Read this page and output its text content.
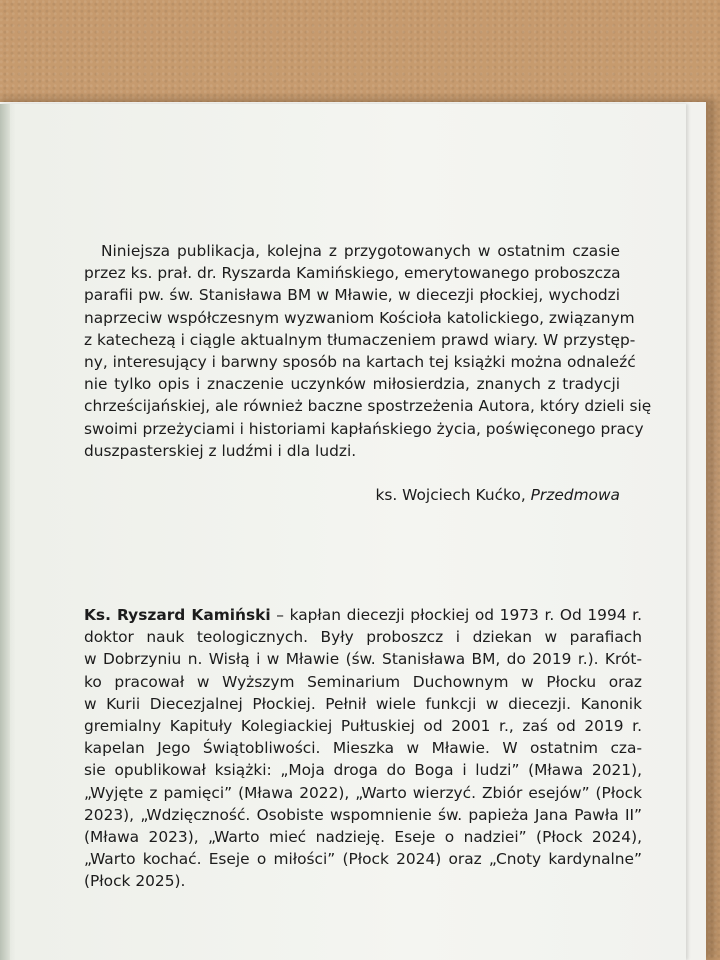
Niniejsza publikacja, kolejna z przygotowanych w ostatnim czasie
przez ks. prał. dr. Ryszarda Kamińskiego, emerytowanego proboszcza
parafii pw. św. Stanisława BM w Mławie, w diecezji płockiej, wychodzi
naprzeciw współczesnym wyzwaniom Kościoła katolickiego, związanym
z katechezą i ciągle aktualnym tłumaczeniem prawd wiary. W przystęp-
ny, interesujący i barwny sposób na kartach tej książki można odnaleźć
nie tylko opis i znaczenie uczynków miłosierdzia, znanych z tradycji
chrześcijańskiej, ale również baczne spostrzeżenia Autora, który dzieli się
swoimi przeżyciami i historiami kapłańskiego życia, poświęconego pracy
duszpasterskiej z ludźmi i dla ludzi.
ks. Wojciech Kućko, Przedmowa
Ks. Ryszard Kamiński – kapłan diecezji płockiej od 1973 r. Od 1994 r.
doktor nauk teologicznych. Były proboszcz i dziekan w parafiach
w Dobrzyniu n. Wisłą i w Mławie (św. Stanisława BM, do 2019 r.). Krót-
ko pracował w Wyższym Seminarium Duchownym w Płocku oraz
w Kurii Diecezjalnej Płockiej. Pełnił wiele funkcji w diecezji. Kanonik
gremialny Kapituły Kolegiackiej Pułtuskiej od 2001 r., zaś od 2019 r.
kapelan Jego Świątobliwości. Mieszka w Mławie. W ostatnim cza-
sie opublikował książki: „Moja droga do Boga i ludzi” (Mława 2021),
„Wyjęte z pamięci” (Mława 2022), „Warto wierzyć. Zbiór esejów” (Płock
2023), „Wdzięczność. Osobiste wspomnienie św. papieża Jana Pawła II”
(Mława 2023), „Warto mieć nadzieję. Eseje o nadziei” (Płock 2024),
„Warto kochać. Eseje o miłości” (Płock 2024) oraz „Cnoty kardynalne”
(Płock 2025).
